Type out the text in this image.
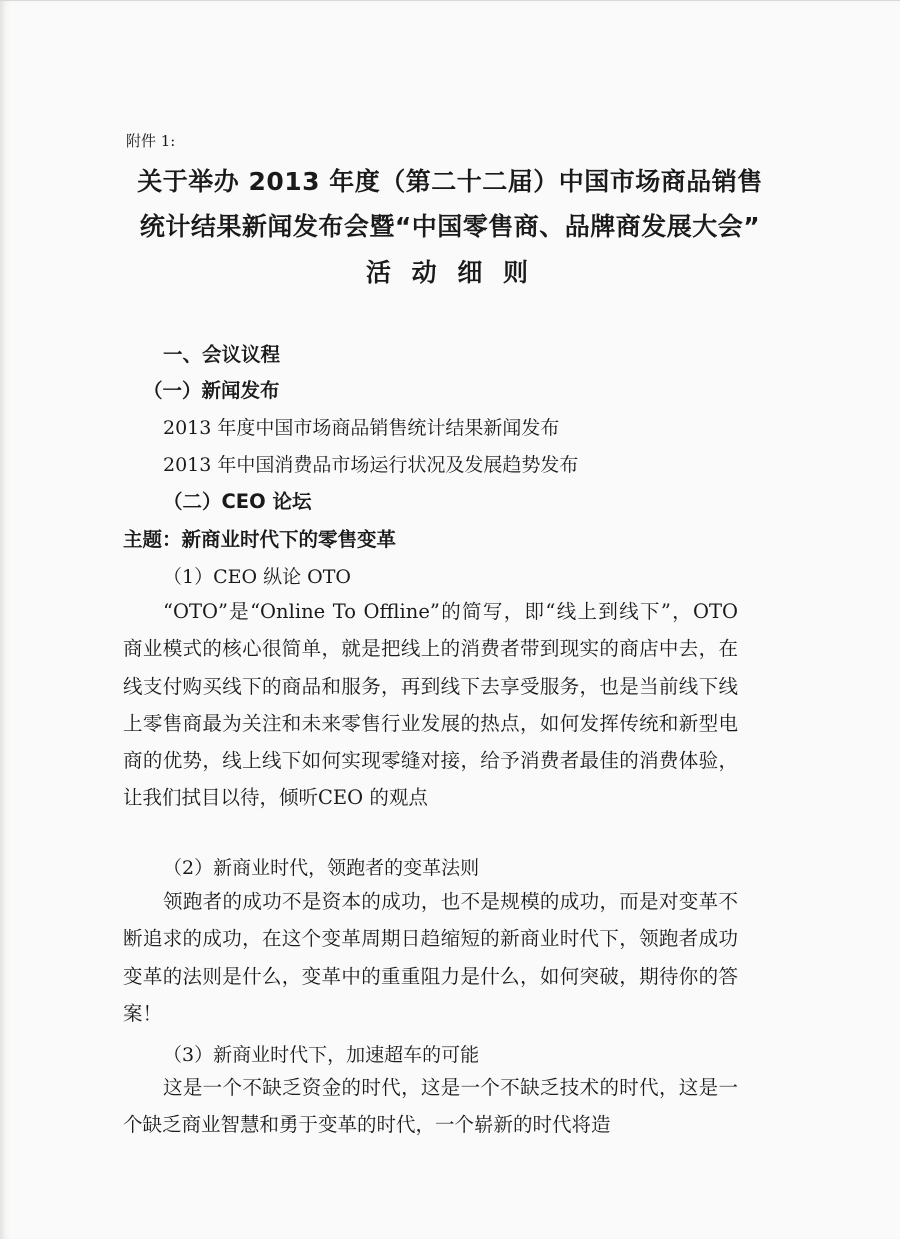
附件 1:

关于举办 2013 年度（第二十二届）中国市场商品销售

统计结果新闻发布会暨“中国零售商、品牌商发展大会”

活 动 细 则

一、会议议程

（一）新闻发布

2013 年度中国市场商品销售统计结果新闻发布

2013 年中国消费品市场运行状况及发展趋势发布

（二）CEO 论坛

主题：新商业时代下的零售变革

（1）CEO 纵论 OTO

“OTO”是“Online To Offline”的简写，即“线上到线下”，OTO 商业模式的核心很简单，就是把线上的消费者带到现实的商店中去，在线支付购买线下的商品和服务，再到线下去享受服务，也是当前线下线上零售商最为关注和未来零售行业发展的热点，如何发挥传统和新型电商的优势，线上线下如何实现零缝对接，给予消费者最佳的消费体验，让我们拭目以待，倾听CEO 的观点

（2）新商业时代，领跑者的变革法则

领跑者的成功不是资本的成功，也不是规模的成功，而是对变革不断追求的成功，在这个变革周期日趋缩短的新商业时代下，领跑者成功变革的法则是什么，变革中的重重阻力是什么，如何突破，期待你的答案！

（3）新商业时代下，加速超车的可能

这是一个不缺乏资金的时代，这是一个不缺乏技术的时代，这是一个缺乏商业智慧和勇于变革的时代，一个崭新的时代将造
